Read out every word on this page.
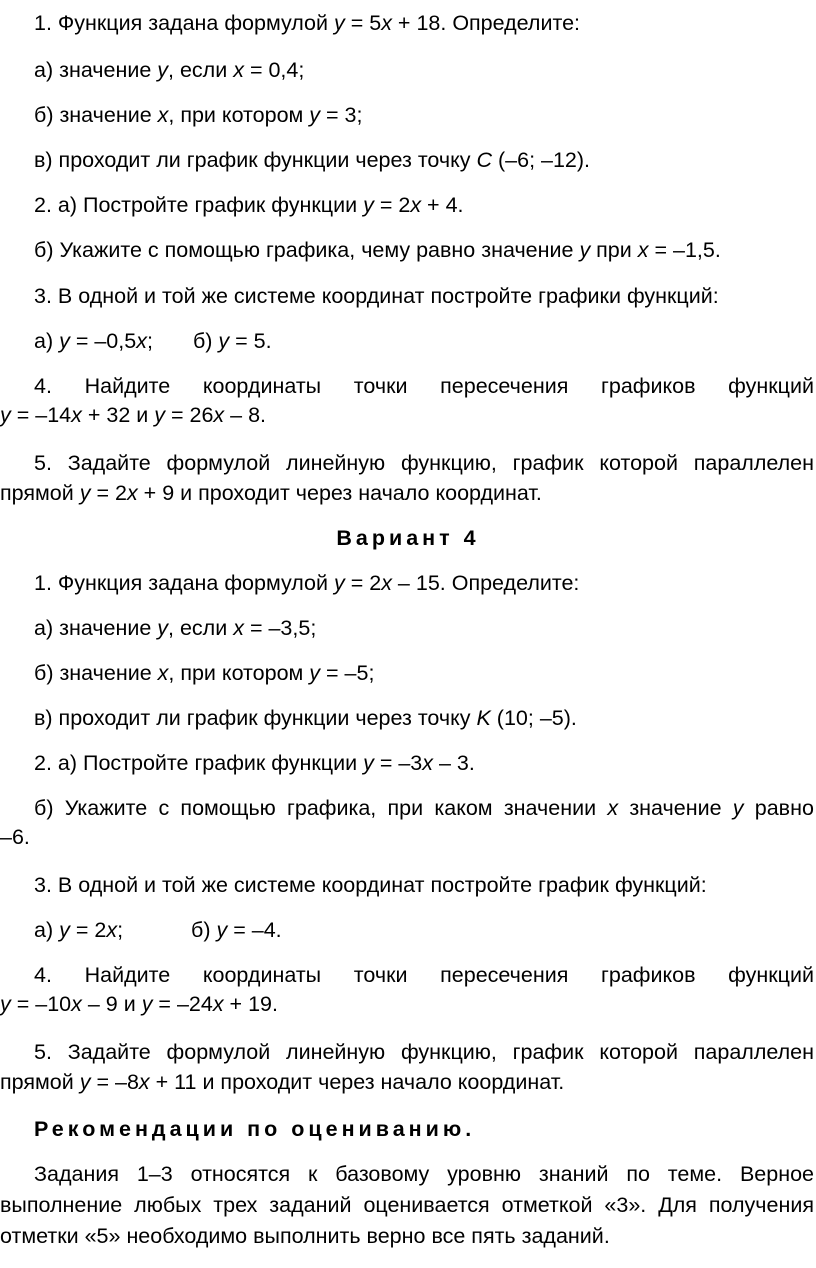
1. Функция задана формулой y = 5x + 18. Определите:

а) значение y, если x = 0,4;

б) значение x, при котором y = 3;

в) проходит ли график функции через точку C (–6; –12).

2. а) Постройте график функции y = 2x + 4.

б) Укажите с помощью графика, чему равно значение y при x = –1,5.

3. В одной и той же системе координат постройте графики функций:

а) y = –0,5x; б) y = 5.

4. Найдите координаты точки пересечения графиков функций

y = –14x + 32 и y = 26x – 8.

5. Задайте формулой линейную функцию, график которой параллелен

прямой y = 2x + 9 и проходит через начало координат.

Вариант 4

1. Функция задана формулой y = 2x – 15. Определите:

а) значение y, если x = –3,5;

б) значение x, при котором y = –5;

в) проходит ли график функции через точку K (10; –5).

2. а) Постройте график функции y = –3x – 3.

б) Укажите с помощью графика, при каком значении x значение y равно

–6.

3. В одной и той же системе координат постройте график функций:

а) y = 2x;	б) y = –4.

4. Найдите координаты точки пересечения графиков функций

y = –10x – 9 и y = –24x + 19.

5. Задайте формулой линейную функцию, график которой параллелен

прямой y = –8x + 11 и проходит через начало координат.

Рекомендации по оцениванию.

Задания 1–3 относятся к базовому уровню знаний по теме. Верное

выполнение любых трех заданий оценивается отметкой «3». Для получения

отметки «5» необходимо выполнить верно все пять заданий.
